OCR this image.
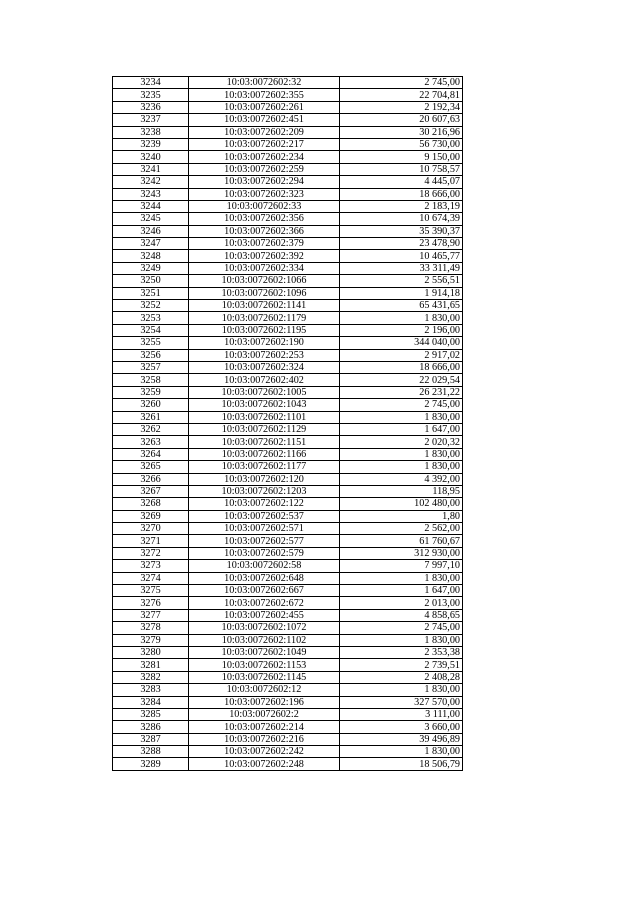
3234	10:03:0072602:32	2 745,00
3235	10:03:0072602:355	22 704,81
3236	10:03:0072602:261	2 192,34
3237	10:03:0072602:451	20 607,63
3238	10:03:0072602:209	30 216,96
3239	10:03:0072602:217	56 730,00
3240	10:03:0072602:234	9 150,00
3241	10:03:0072602:259	10 758,57
3242	10:03:0072602:294	4 445,07
3243	10:03:0072602:323	18 666,00
3244	10:03:0072602:33	2 183,19
3245	10:03:0072602:356	10 674,39
3246	10:03:0072602:366	35 390,37
3247	10:03:0072602:379	23 478,90
3248	10:03:0072602:392	10 465,77
3249	10:03:0072602:334	33 311,49
3250	10:03:0072602:1066	2 556,51
3251	10:03:0072602:1096	1 914,18
3252	10:03:0072602:1141	65 431,65
3253	10:03:0072602:1179	1 830,00
3254	10:03:0072602:1195	2 196,00
3255	10:03:0072602:190	344 040,00
3256	10:03:0072602:253	2 917,02
3257	10:03:0072602:324	18 666,00
3258	10:03:0072602:402	22 029,54
3259	10:03:0072602:1005	26 231,22
3260	10:03:0072602:1043	2 745,00
3261	10:03:0072602:1101	1 830,00
3262	10:03:0072602:1129	1 647,00
3263	10:03:0072602:1151	2 020,32
3264	10:03:0072602:1166	1 830,00
3265	10:03:0072602:1177	1 830,00
3266	10:03:0072602:120	4 392,00
3267	10:03:0072602:1203	118,95
3268	10:03:0072602:122	102 480,00
3269	10:03:0072602:537	1,80
3270	10:03:0072602:571	2 562,00
3271	10:03:0072602:577	61 760,67
3272	10:03:0072602:579	312 930,00
3273	10:03:0072602:58	7 997,10
3274	10:03:0072602:648	1 830,00
3275	10:03:0072602:667	1 647,00
3276	10:03:0072602:672	2 013,00
3277	10:03:0072602:455	4 858,65
3278	10:03:0072602:1072	2 745,00
3279	10:03:0072602:1102	1 830,00
3280	10:03:0072602:1049	2 353,38
3281	10:03:0072602:1153	2 739,51
3282	10:03:0072602:1145	2 408,28
3283	10:03:0072602:12	1 830,00
3284	10:03:0072602:196	327 570,00
3285	10:03:0072602:2	3 111,00
3286	10:03:0072602:214	3 660,00
3287	10:03:0072602:216	39 496,89
3288	10:03:0072602:242	1 830,00
3289	10:03:0072602:248	18 506,79
